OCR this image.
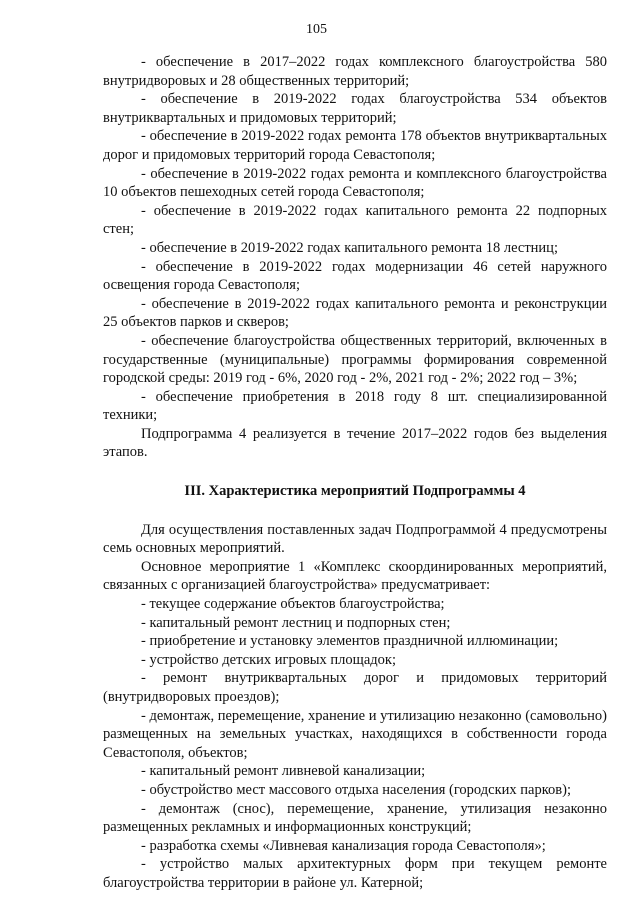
105

- обеспечение в 2017–2022 годах комплексного благоустройства 580 внутридворовых и 28 общественных территорий;

- обеспечение в 2019-2022 годах благоустройства 534 объектов внутриквартальных и придомовых территорий;

- обеспечение в 2019-2022 годах ремонта 178 объектов внутриквартальных дорог и придомовых территорий города Севастополя;

- обеспечение в 2019-2022 годах ремонта и комплексного благоустройства 10 объектов пешеходных сетей города Севастополя;

- обеспечение в 2019-2022 годах капитального ремонта 22 подпорных стен;

- обеспечение в 2019-2022 годах капитального ремонта 18 лестниц;

- обеспечение в 2019-2022 годах модернизации 46 сетей наружного освещения города Севастополя;

- обеспечение в 2019-2022 годах капитального ремонта и реконструкции 25 объектов парков и скверов;

- обеспечение благоустройства общественных территорий, включенных в государственные (муниципальные) программы формирования современной городской среды: 2019 год - 6%, 2020 год - 2%, 2021 год - 2%; 2022 год – 3%;

- обеспечение приобретения в 2018 году 8 шт. специализированной техники;

Подпрограмма 4 реализуется в течение 2017–2022 годов без выделения этапов.

III. Характеристика мероприятий Подпрограммы 4

Для осуществления поставленных задач Подпрограммой 4 предусмотрены семь основных мероприятий.

Основное мероприятие 1 «Комплекс скоординированных мероприятий, связанных с организацией благоустройства» предусматривает:

- текущее содержание объектов благоустройства;

- капитальный ремонт лестниц и подпорных стен;

- приобретение и установку элементов праздничной иллюминации;

- устройство детских игровых площадок;

- ремонт внутриквартальных дорог и придомовых территорий (внутридворовых проездов);

- демонтаж, перемещение, хранение и утилизацию незаконно (самовольно) размещенных на земельных участках, находящихся в собственности города Севастополя, объектов;

- капитальный ремонт ливневой канализации;

- обустройство мест массового отдыха населения (городских парков);

- демонтаж (снос), перемещение, хранение, утилизация незаконно размещенных рекламных и информационных конструкций;

- разработка схемы «Ливневая канализация города Севастополя»;

- устройство малых архитектурных форм при текущем ремонте благоустройства территории в районе ул. Катерной;
